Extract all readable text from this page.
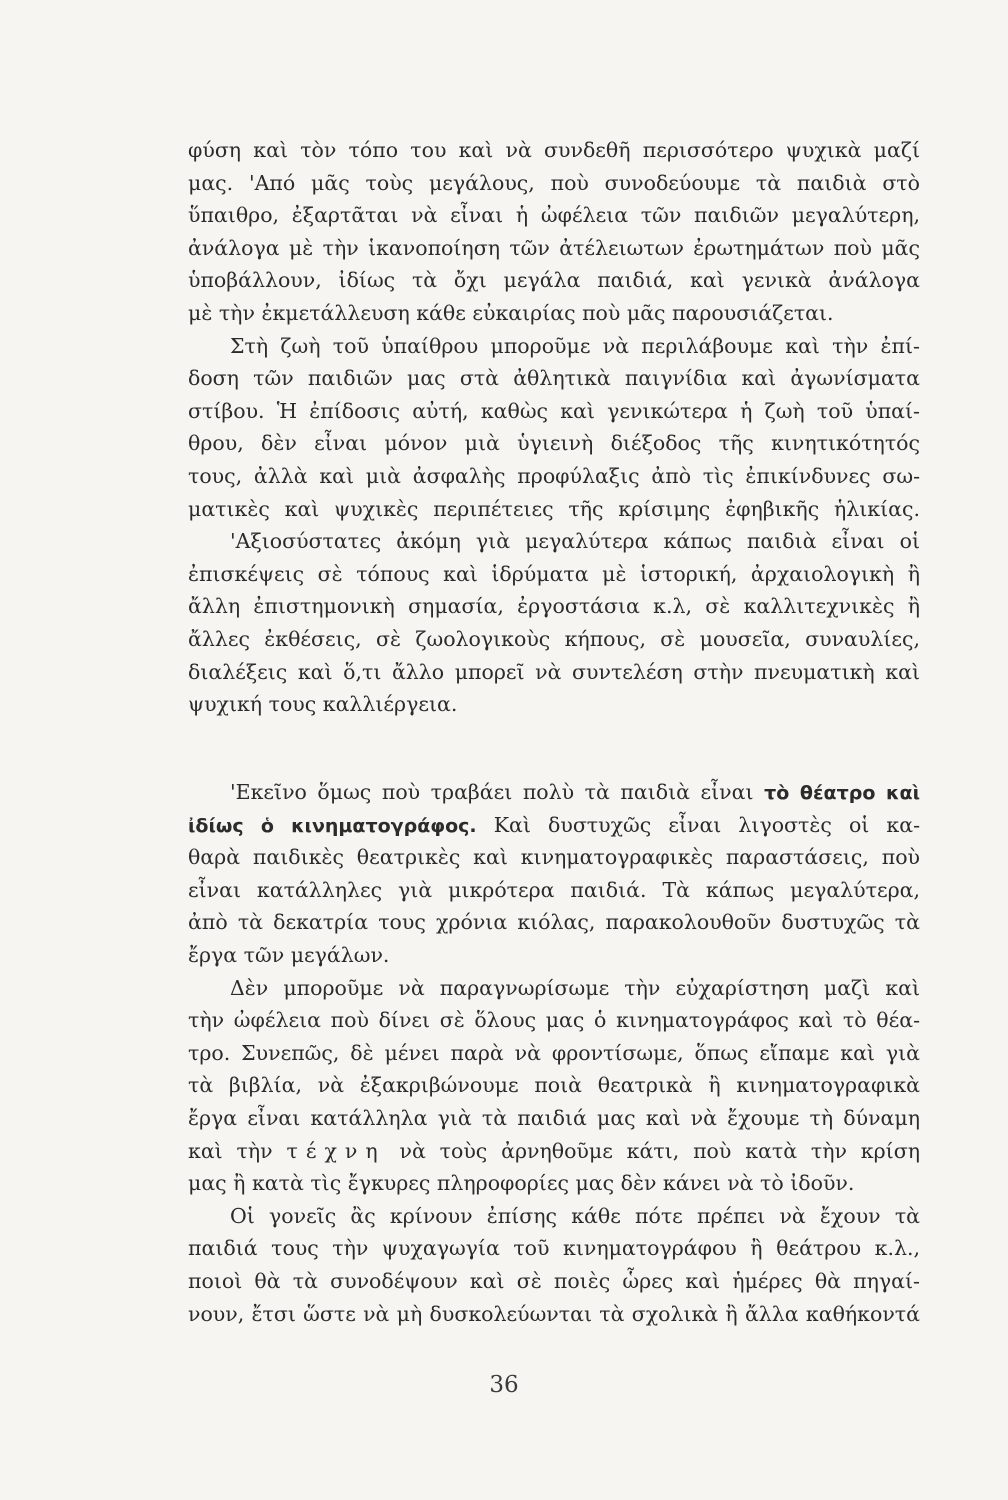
φύση καὶ τὸν τόπο του καὶ νὰ συνδεθῆ περισσότερο ψυχικὰ μαζί
μας. 'Από μᾶς τοὺς μεγάλους, ποὺ συνοδεύουμε τὰ παιδιὰ στὸ
ὕπαιθρο, ἐξαρτᾶται νὰ εἶναι ἡ ὠφέλεια τῶν παιδιῶν μεγαλύτερη,
ἀνάλογα μὲ τὴν ἱκανοποίηση τῶν ἀτέλειωτων ἐρωτημάτων ποὺ μᾶς
ὑποβάλλουν, ἰδίως τὰ ὄχι μεγάλα παιδιά, καὶ γενικὰ ἀνάλογα
μὲ τὴν ἐκμετάλλευση κάθε εὐκαιρίας ποὺ μᾶς παρουσιάζεται.
Στὴ ζωὴ τοῦ ὑπαίθρου μποροῦμε νὰ περιλάβουμε καὶ τὴν ἐπί-
δοση τῶν παιδιῶν μας στὰ ἀθλητικὰ παιγνίδια καὶ ἀγωνίσματα
στίβου. Ἡ ἐπίδοσις αὐτή, καθὼς καὶ γενικώτερα ἡ ζωὴ τοῦ ὑπαί-
θρου, δὲν εἶναι μόνον μιὰ ὑγιεινὴ διέξοδος τῆς κινητικότητός
τους, ἀλλὰ καὶ μιὰ ἀσφαλὴς προφύλαξις ἀπὸ τὶς ἐπικίνδυνες σω-
ματικὲς καὶ ψυχικὲς περιπέτειες τῆς κρίσιμης ἐφηβικῆς ἡλικίας.
'Αξιοσύστατες ἀκόμη γιὰ μεγαλύτερα κάπως παιδιὰ εἶναι οἱ
ἐπισκέψεις σὲ τόπους καὶ ἱδρύματα μὲ ἱστορική, ἀρχαιολογικὴ ἢ
ἄλλη ἐπιστημονικὴ σημασία, ἐργοστάσια κ.λ, σὲ καλλιτεχνικὲς ἢ
ἄλλες ἐκθέσεις, σὲ ζωολογικοὺς κήπους, σὲ μουσεῖα, συναυλίες,
διαλέξεις καὶ ὅ,τι ἄλλο μπορεῖ νὰ συντελέση στὴν πνευματικὴ καὶ
ψυχική τους καλλιέργεια.
'Εκεῖνο ὅμως ποὺ τραβάει πολὺ τὰ παιδιὰ εἶναι τὸ θέατρο καὶ
ἰδίως ὁ κινηματογράφος. Καὶ δυστυχῶς εἶναι λιγοστὲς οἱ κα-
θαρὰ παιδικὲς θεατρικὲς καὶ κινηματογραφικὲς παραστάσεις, ποὺ
εἶναι κατάλληλες γιὰ μικρότερα παιδιά. Τὰ κάπως μεγαλύτερα,
ἀπὸ τὰ δεκατρία τους χρόνια κιόλας, παρακολουθοῦν δυστυχῶς τὰ
ἔργα τῶν μεγάλων.
Δὲν μποροῦμε νὰ παραγνωρίσωμε τὴν εὐχαρίστηση μαζὶ καὶ
τὴν ὠφέλεια ποὺ δίνει σὲ ὅλους μας ὁ κινηματογράφος καὶ τὸ θέα-
τρο. Συνεπῶς, δὲ μένει παρὰ νὰ φροντίσωμε, ὅπως εἴπαμε καὶ γιὰ
τὰ βιβλία, νὰ ἐξακριβώνουμε ποιὰ θεατρικὰ ἢ κινηματογραφικὰ
ἔργα εἶναι κατάλληλα γιὰ τὰ παιδιά μας καὶ νὰ ἔχουμε τὴ δύναμη
καὶ τὴν τέχνη νὰ τοὺς ἀρνηθοῦμε κάτι, ποὺ κατὰ τὴν κρίση
μας ἢ κατὰ τὶς ἔγκυρες πληροφορίες μας δὲν κάνει νὰ τὸ ἰδοῦν.
Οἱ γονεῖς ἂς κρίνουν ἐπίσης κάθε πότε πρέπει νὰ ἔχουν τὰ
παιδιά τους τὴν ψυχαγωγία τοῦ κινηματογράφου ἢ θεάτρου κ.λ.,
ποιοὶ θὰ τὰ συνοδέψουν καὶ σὲ ποιὲς ὧρες καὶ ἡμέρες θὰ πηγαί-
νουν, ἔτσι ὥστε νὰ μὴ δυσκολεύωνται τὰ σχολικὰ ἢ ἄλλα καθήκοντά
36
